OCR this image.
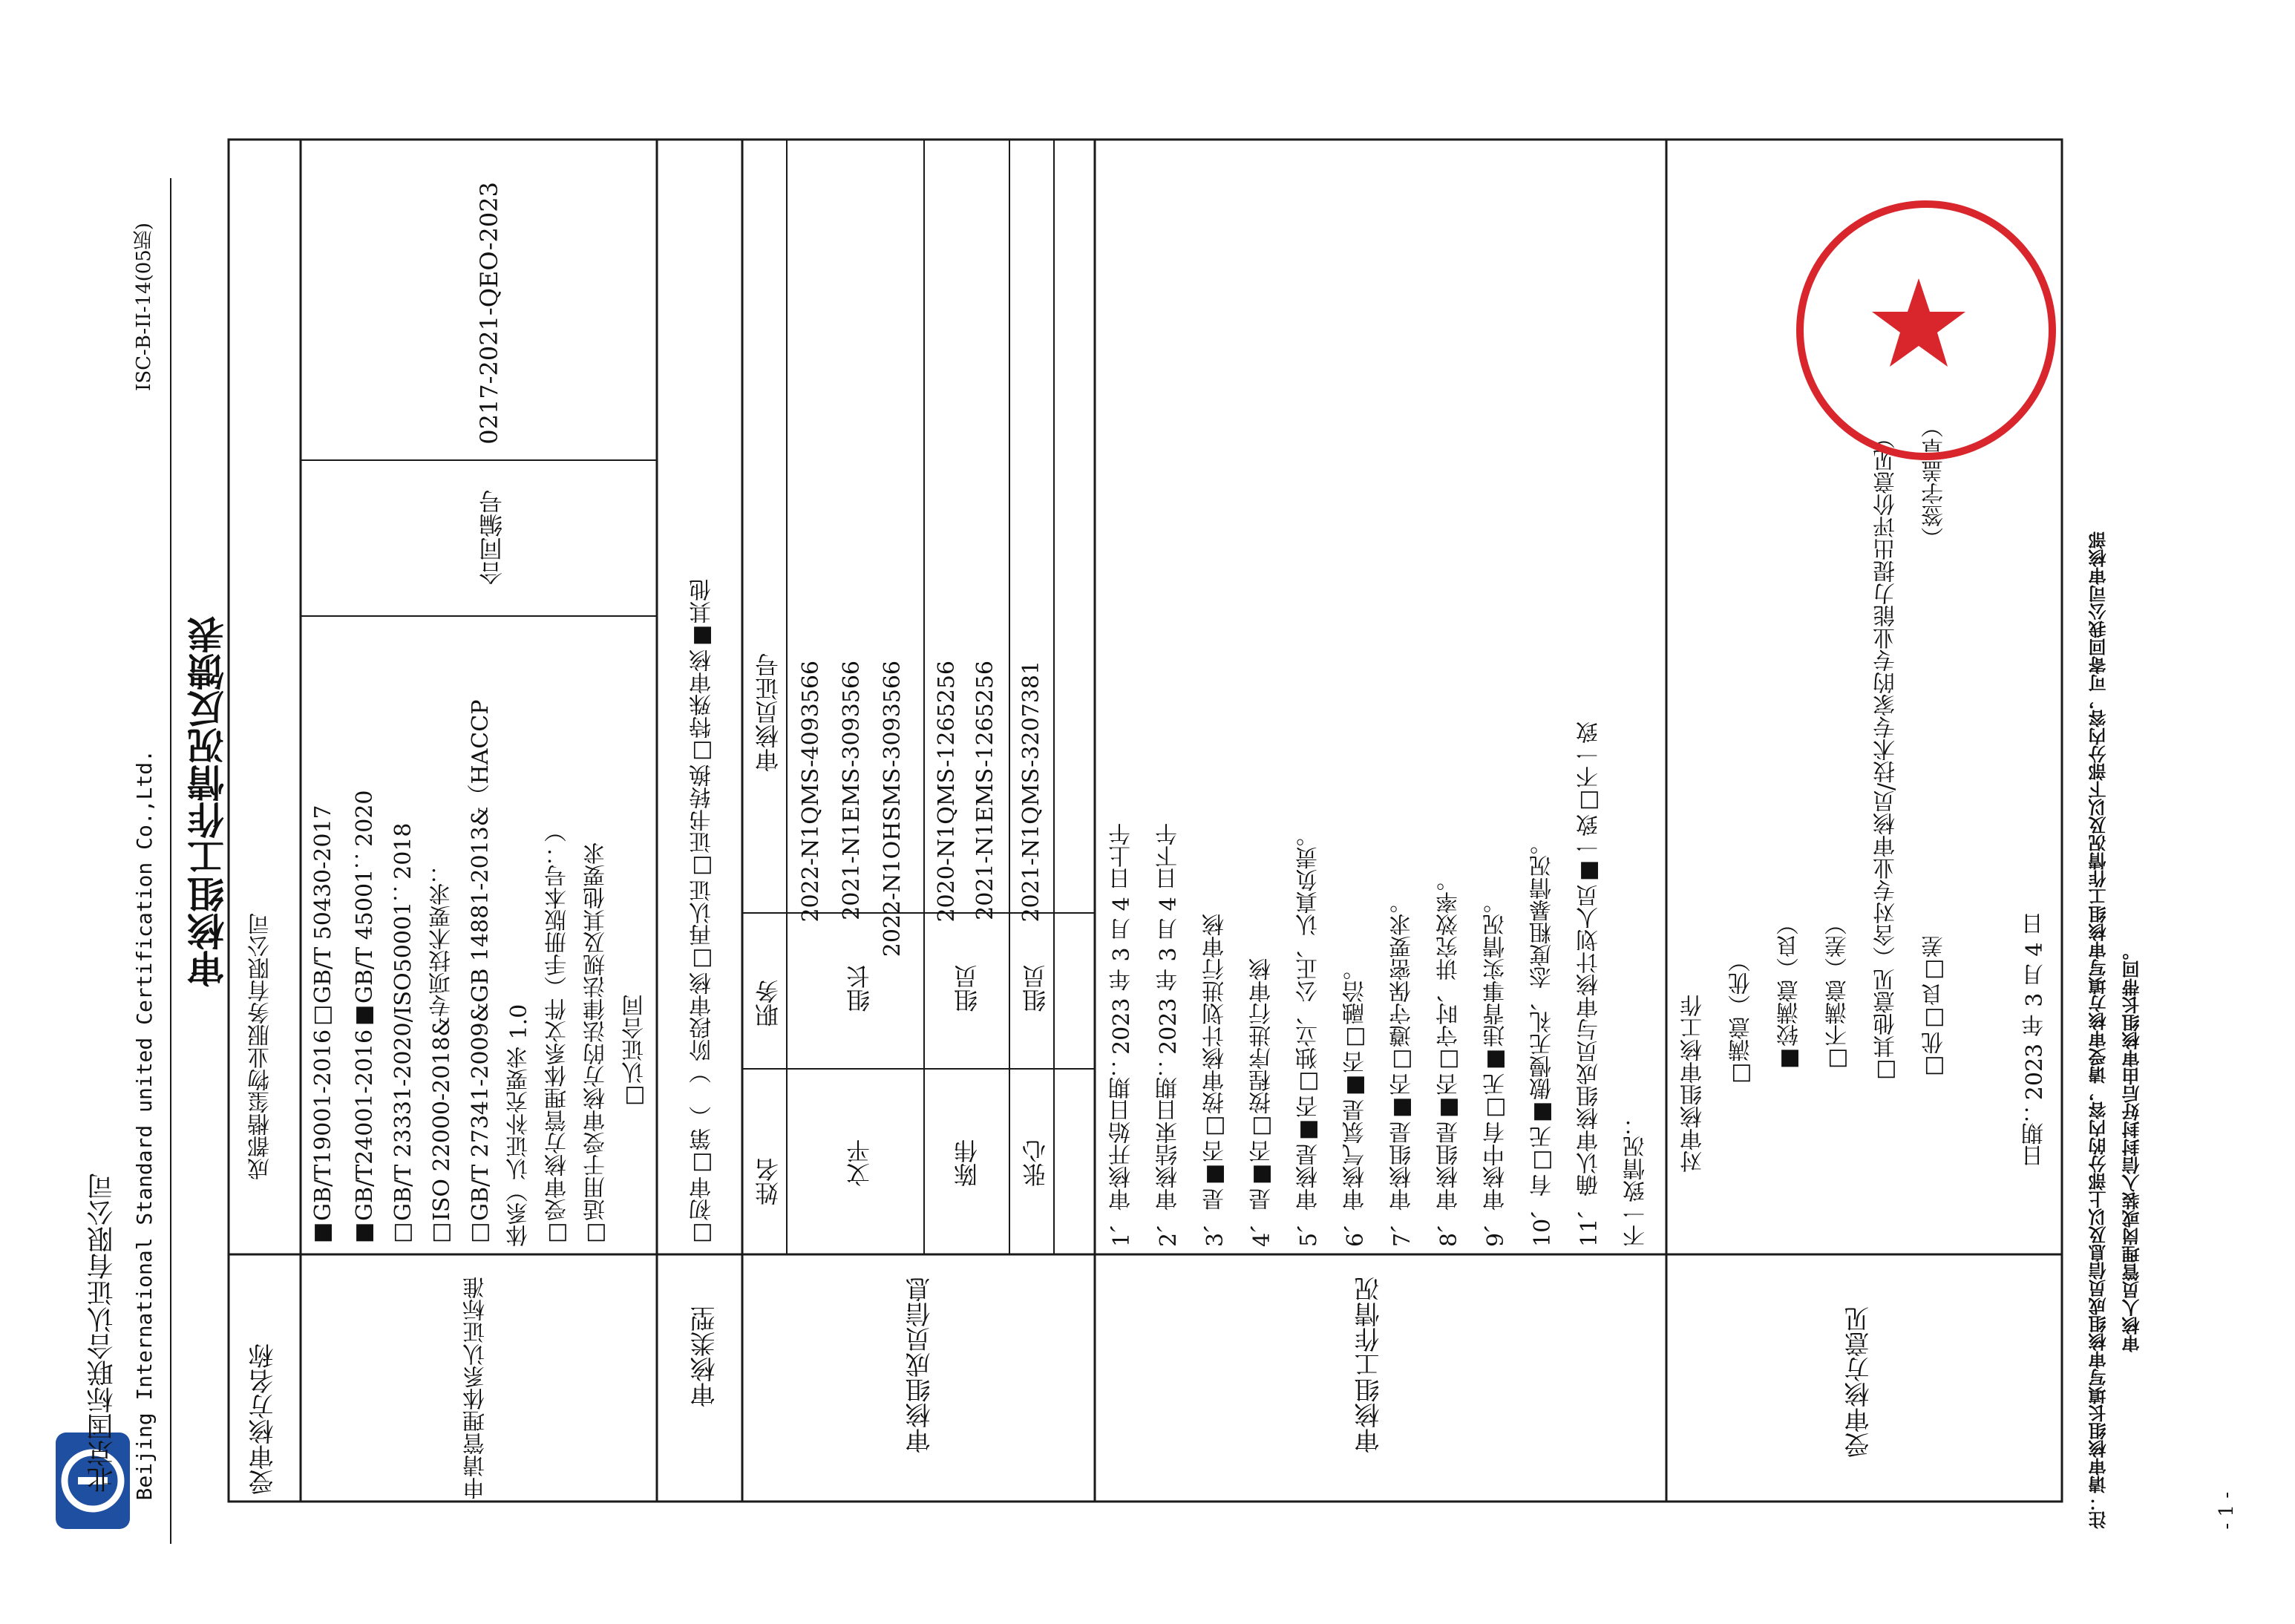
北京国标联合认证有限公司 Beijing International Standard united Certification Co.,Ltd.
ISC-B-II-14(05版)
审核组工作情况反馈表
受审核方名称
成都楷玺物业服务有限公司
申请管理体系认证标准
■GB/T19001-2016□GB/T 50430-2017 ■GB/T24001-2016■GB/T 45001：2020 □GB/T 23331-2020/ISO50001：2018 □ISO 22000-2018&专项技术要求： □GB/T 27341-2009&GB 14881-2013&（HACCP 体系）认证补充要求 1.0 □受审核方管理体系文件（手册版本号：） □适用于受审核方的法律法规及其他要求 □认证合同
合同编号
0217-2021-QEO-2023
审核类型
□初审□第（　）阶段审核□再认证□证书转换□特殊审核■其他
审核组成员信息
姓名
职务
审核员证号
文平
组长
2022-N1QMS-4093566 2021-N1EMS-3093566 2022-N1OHSMS-3093566
陈伟
组员
2020-N1QMS-1265256 2021-N1EMS-1265256
张心
组员
2021-N1QMS-3207381
审核组工作情况
1、审核开始日期：2023 年 3 月 4 日上午 2、审核结束日期：2023 年 3 月 4 日下午 3、是■否□按审核计划进行审核 4、是■否□按程序进行审核 5、审核是■否□独立、公正、认真负责。 6、审核气氛是■否□融洽。 7、审核组是■否□遵守保密要求。 8、审核组是■否□守时、讲究效率。 9、审核中有□无■违背事实情况。 10、有□无■傲慢无礼、态度粗暴情况。 11、确认审核组成员与审核计划人员■一致□不一致 不一致情况：
受审核方意见
对审核组审核工作 □满意（优） ■较满意（良） □不满意（差） □其他意见（含对专业审核员/技术专家的专业能力提出评价意见） □优□良□差
（签字盖章）
日期：2023 年 3 月 4 日 注：请审核组长填写审核组成员信息及以上部分的内容，请受审核方填写审核组工作情况及以下部分内容，可寄回我公司审核部 审核人员管理岗或装入信封封好后由审核组长带回。
- 1 -
